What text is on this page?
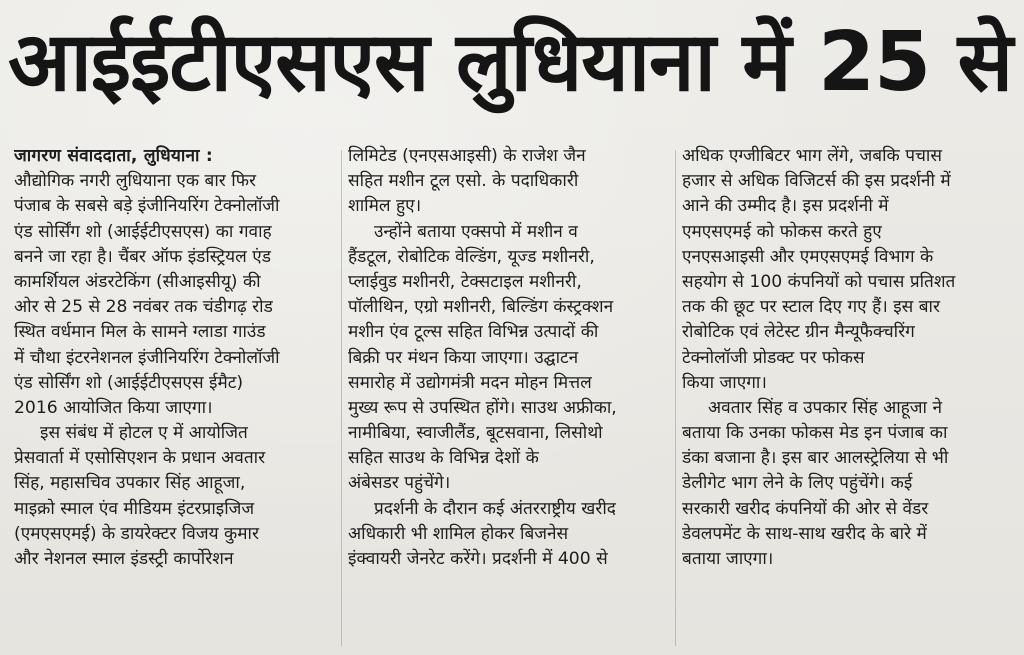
आईईटीएसएस लुधियाना में 25 से
जागरण संवाददाता, लुधियाना :
औद्योगिक नगरी लुधियाना एक बार फिर
पंजाब के सबसे बड़े इंजीनियरिंग टेक्नोलॉजी
एंड सोर्सिंग शो (आईईटीएसएस) का गवाह
बनने जा रहा है। चैंबर ऑफ इंडस्ट्रियल एंड
कामर्शियल अंडरटेकिंग (सीआइसीयू) की
ओर से 25 से 28 नवंबर तक चंडीगढ़ रोड
स्थित वर्धमान मिल के सामने ग्लाडा गाउंड
में चौथा इंटरनेशनल इंजीनियरिंग टेक्नोलॉजी
एंड सोर्सिंग शो (आईईटीएसएस ईमैट)
2016 आयोजित किया जाएगा।
इस संबंध में होटल ए में आयोजित
प्रेसवार्ता में एसोसिएशन के प्रधान अवतार
सिंह, महासचिव उपकार सिंह आहूजा,
माइक्रो स्माल एंव मीडियम इंटरप्राइजिज
(एमएसएमई) के डायरेक्टर विजय कुमार
और नेशनल स्माल इंडस्ट्री कार्पोरेशन
लिमिटेड (एनएसआइसी) के राजेश जैन
सहित मशीन टूल एसो. के पदाधिकारी
शामिल हुए।
उन्होंने बताया एक्सपो में मशीन व
हैंडटूल, रोबोटिक वेल्डिंग, यूज्ड मशीनरी,
प्लाईवुड मशीनरी, टेक्सटाइल मशीनरी,
पॉलीथिन, एग्रो मशीनरी, बिल्डिंग कंस्ट्रक्शन
मशीन एंव टूल्स सहित विभिन्न उत्पादों की
बिक्री पर मंथन किया जाएगा। उद्घाटन
समारोह में उद्योगमंत्री मदन मोहन मित्तल
मुख्य रूप से उपस्थित होंगे। साउथ अफ्रीका,
नामीबिया, स्वाजीलैंड, बूटसवाना, लिसोथो
सहित साउथ के विभिन्न देशों के
अंबेसडर पहुंचेंगे।
प्रदर्शनी के दौरान कई अंतरराष्ट्रीय खरीद
अधिकारी भी शामिल होकर बिजनेस
इंक्वायरी जेनरेट करेंगे। प्रदर्शनी में 400 से
अधिक एग्जीबिटर भाग लेंगे, जबकि पचास
हजार से अधिक विजिटर्स की इस प्रदर्शनी में
आने की उम्मीद है। इस प्रदर्शनी में
एमएसएमई को फोकस करते हुए
एनएसआइसी और एमएसएमई विभाग के
सहयोग से 100 कंपनियों को पचास प्रतिशत
तक की छूट पर स्टाल दिए गए हैं। इस बार
रोबोटिक एवं लेटेस्ट ग्रीन मैन्यूफैक्चरिंग
टेक्नोलॉजी प्रोडक्ट पर फोकस
किया जाएगा।
अवतार सिंह व उपकार सिंह आहूजा ने
बताया कि उनका फोकस मेड इन पंजाब का
डंका बजाना है। इस बार आलस्ट्रेलिया से भी
डेलीगेट भाग लेने के लिए पहुंचेंगे। कई
सरकारी खरीद कंपनियों की ओर से वेंडर
डेवलपमेंट के साथ-साथ खरीद के बारे में
बताया जाएगा।
